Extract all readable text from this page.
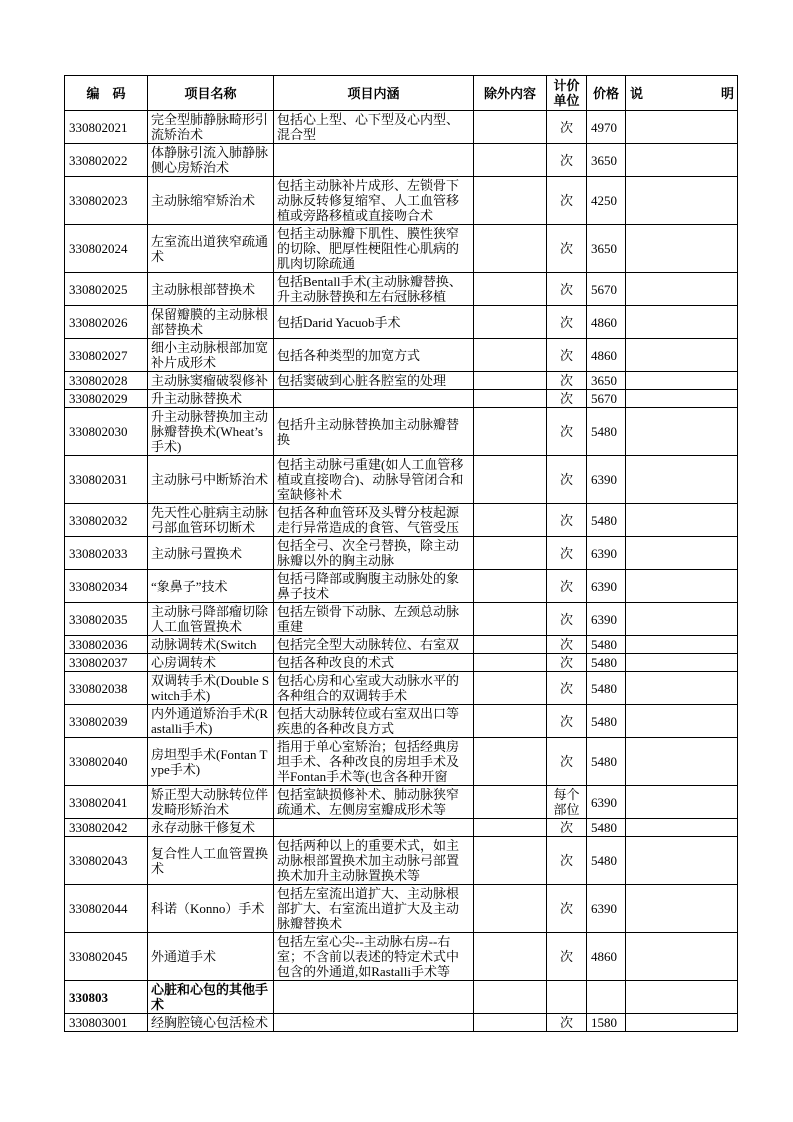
编　码	项目名称	项目内涵	除外内容	计价单位	价格	说　　　　　　明
330802021	完全型肺静脉畸形引流矫治术	包括心上型、心下型及心内型、混合型		次	4970	
330802022	体静脉引流入肺静脉侧心房矫治术			次	3650	
330802023	主动脉缩窄矫治术	包括主动脉补片成形、左锁骨下动脉反转修复缩窄、人工血管移植或旁路移植或直接吻合术		次	4250	
330802024	左室流出道狭窄疏通术	包括主动脉瓣下肌性、膜性狭窄的切除、肥厚性梗阻性心肌病的肌肉切除疏通		次	3650	
330802025	主动脉根部替换术	包括Bentall手术(主动脉瓣替换、升主动脉替换和左右冠脉移植		次	5670	
330802026	保留瓣膜的主动脉根部替换术	包括Darid Yacuob手术		次	4860	
330802027	细小主动脉根部加宽补片成形术	包括各种类型的加宽方式		次	4860	
330802028	主动脉窦瘤破裂修补	包括窦破到心脏各腔室的处理		次	3650	
330802029	升主动脉替换术			次	5670	
330802030	升主动脉替换加主动脉瓣替换术(Wheat’s手术)	包括升主动脉替换加主动脉瓣替换		次	5480	
330802031	主动脉弓中断矫治术	包括主动脉弓重建(如人工血管移植或直接吻合)、动脉导管闭合和室缺修补术		次	6390	
330802032	先天性心脏病主动脉弓部血管环切断术	包括各种血管环及头臂分枝起源走行异常造成的食管、气管受压		次	5480	
330802033	主动脉弓置换术	包括全弓、次全弓替换，除主动脉瓣以外的胸主动脉		次	6390	
330802034	“象鼻子”技术	包括弓降部或胸腹主动脉处的象鼻子技术		次	6390	
330802035	主动脉弓降部瘤切除人工血管置换术	包括左锁骨下动脉、左颈总动脉重建		次	6390	
330802036	动脉调转术(Switch	包括完全型大动脉转位、右室双		次	5480	
330802037	心房调转术	包括各种改良的术式		次	5480	
330802038	双调转手术(Double Switch手术)	包括心房和心室或大动脉水平的各种组合的双调转手术		次	5480	
330802039	内外通道矫治手术(Rastalli手术)	包括大动脉转位或右室双出口等疾患的各种改良方式		次	5480	
330802040	房坦型手术(Fontan Type手术)	指用于单心室矫治；包括经典房坦手术、各种改良的房坦手术及半Fontan手术等(也含各种开窗		次	5480	
330802041	矫正型大动脉转位伴发畸形矫治术	包括室缺损修补术、肺动脉狭窄疏通术、左侧房室瓣成形术等		每个部位	6390	
330802042	永存动脉干修复术			次	5480	
330802043	复合性人工血管置换术	包括两种以上的重要术式，如主动脉根部置换术加主动脉弓部置换术加升主动脉置换术等		次	5480	
330802044	科诺（Konno）手术	包括左室流出道扩大、主动脉根部扩大、右室流出道扩大及主动脉瓣替换术		次	6390	
330802045	外通道手术	包括左室心尖--主动脉右房--右室；不含前以表述的特定术式中包含的外通道,如Rastalli手术等		次	4860	
330803	心脏和心包的其他手术					
330803001	经胸腔镜心包活检术			次	1580	
